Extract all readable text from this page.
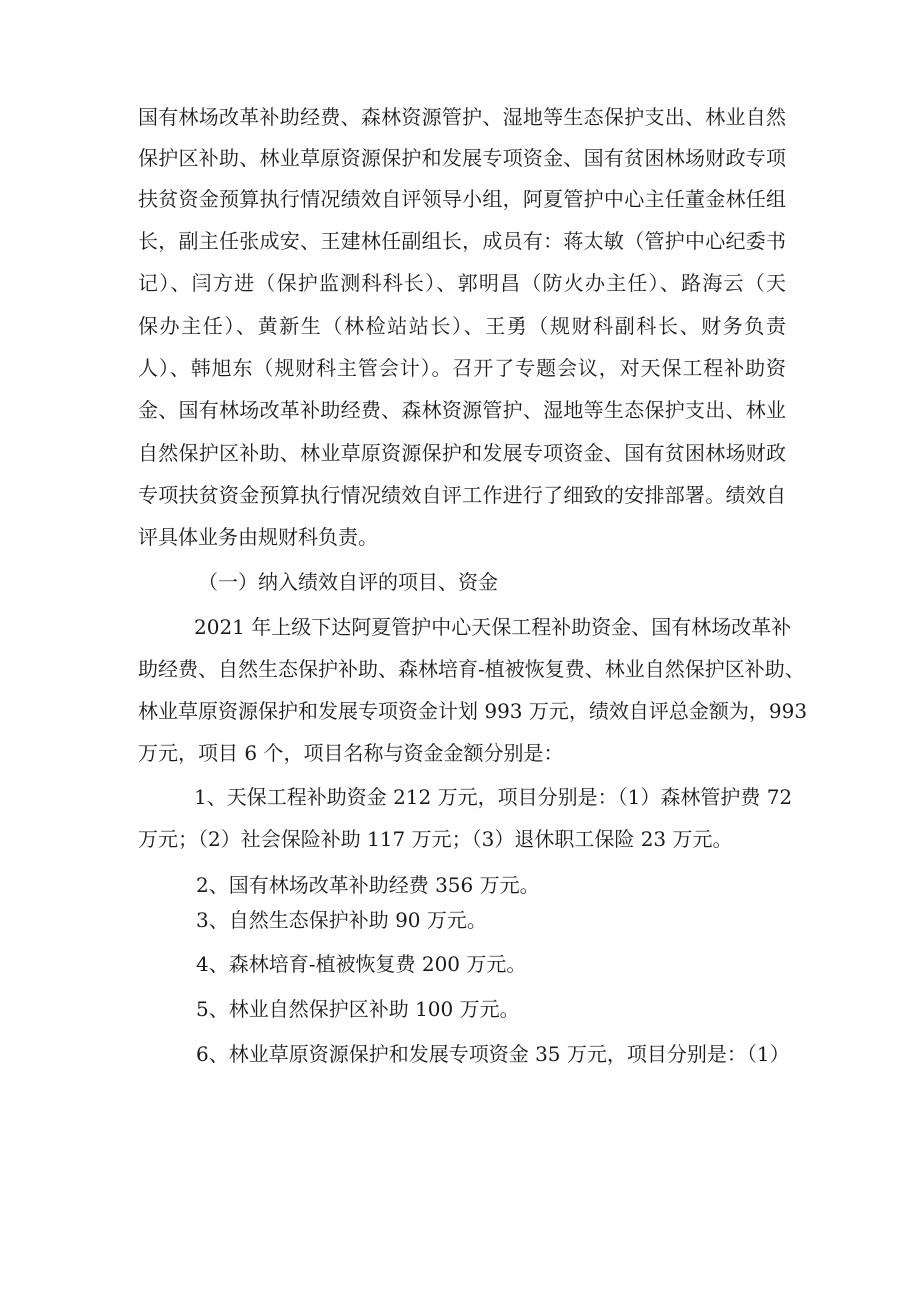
国有林场改革补助经费、森林资源管护、湿地等生态保护支出、林业自然
保护区补助、林业草原资源保护和发展专项资金、国有贫困林场财政专项
扶贫资金预算执行情况绩效自评领导小组，阿夏管护中心主任董金林任组
长，副主任张成安、王建林任副组长，成员有：蒋太敏（管护中心纪委书
记）、闫方进（保护监测科科长）、郭明昌（防火办主任）、路海云（天
保办主任）、黄新生（林检站站长）、王勇（规财科副科长、财务负责
人）、韩旭东（规财科主管会计）。召开了专题会议，对天保工程补助资
金、国有林场改革补助经费、森林资源管护、湿地等生态保护支出、林业
自然保护区补助、林业草原资源保护和发展专项资金、国有贫困林场财政
专项扶贫资金预算执行情况绩效自评工作进行了细致的安排部署。绩效自
评具体业务由规财科负责。
（一）纳入绩效自评的项目、资金
2021 年上级下达阿夏管护中心天保工程补助资金、国有林场改革补
助经费、自然生态保护补助、森林培育-植被恢复费、林业自然保护区补助、
林业草原资源保护和发展专项资金计划 993 万元，绩效自评总金额为，993
万元，项目 6 个，项目名称与资金金额分别是：
1、天保工程补助资金 212 万元，项目分别是：（1）森林管护费 72
万元；（2）社会保险补助 117 万元；（3）退休职工保险 23 万元。
2、国有林场改革补助经费 356 万元。
3、自然生态保护补助 90 万元。
4、森林培育-植被恢复费 200 万元。
5、林业自然保护区补助 100 万元。
6、林业草原资源保护和发展专项资金 35 万元，项目分别是：（1）
